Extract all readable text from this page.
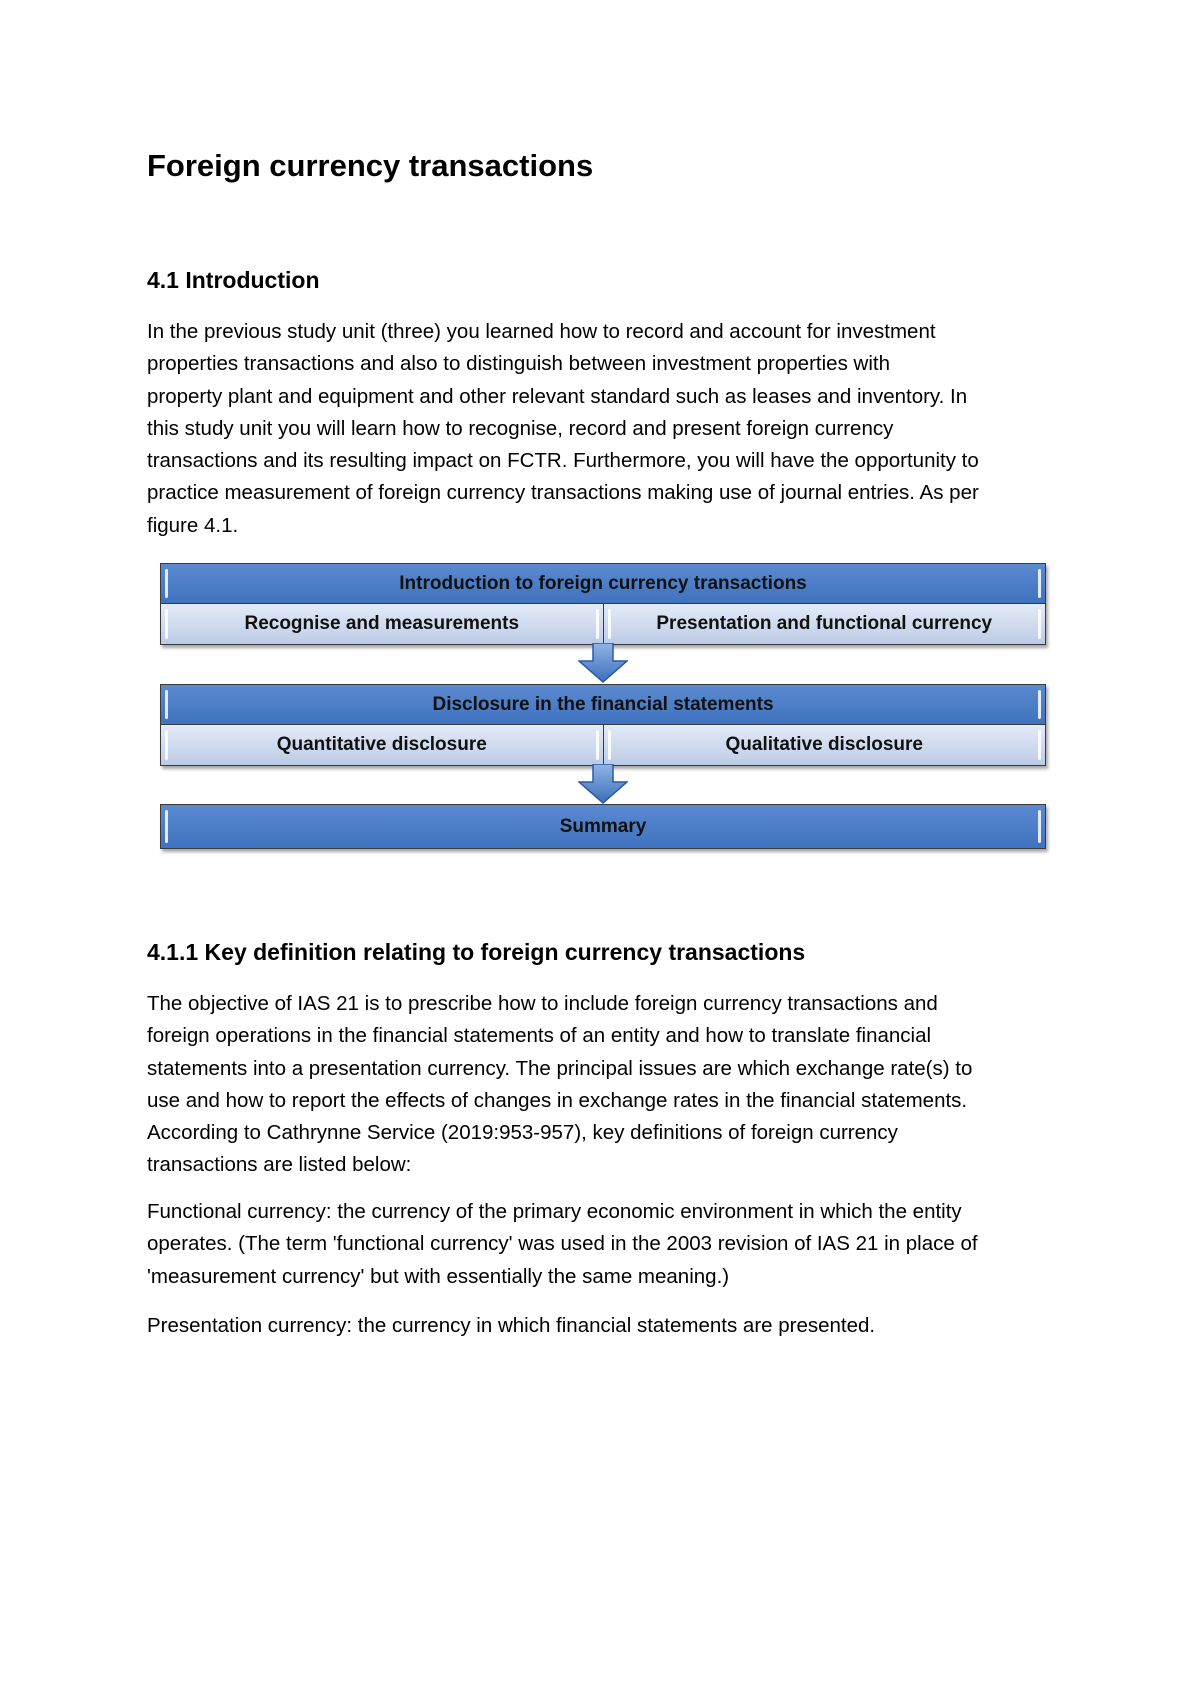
Foreign currency transactions
4.1 Introduction

In the previous study unit (three) you learned how to record and account for investment
properties transactions and also to distinguish between investment properties with
property plant and equipment and other relevant standard such as leases and inventory. In
this study unit you will learn how to recognise, record and present foreign currency
transactions and its resulting impact on FCTR. Furthermore, you will have the opportunity to
practice measurement of foreign currency transactions making use of journal entries. As per
figure 4.1.

4.1.1 Key definition relating to foreign currency transactions

The objective of IAS 21 is to prescribe how to include foreign currency transactions and
foreign operations in the financial statements of an entity and how to translate financial
statements into a presentation currency. The principal issues are which exchange rate(s) to
use and how to report the effects of changes in exchange rates in the financial statements.
According to Cathrynne Service (2019:953-957), key definitions of foreign currency
transactions are listed below:

Functional currency: the currency of the primary economic environment in which the entity
operates. (The term 'functional currency' was used in the 2003 revision of IAS 21 in place of
'measurement currency' but with essentially the same meaning.)

Presentation currency: the currency in which financial statements are presented.

Introduction to foreign currency transactions
Recognise and measurements	Presentation and functional currency
Disclosure in the financial statements
Quantitative disclosure	Qualitative disclosure
Summary
